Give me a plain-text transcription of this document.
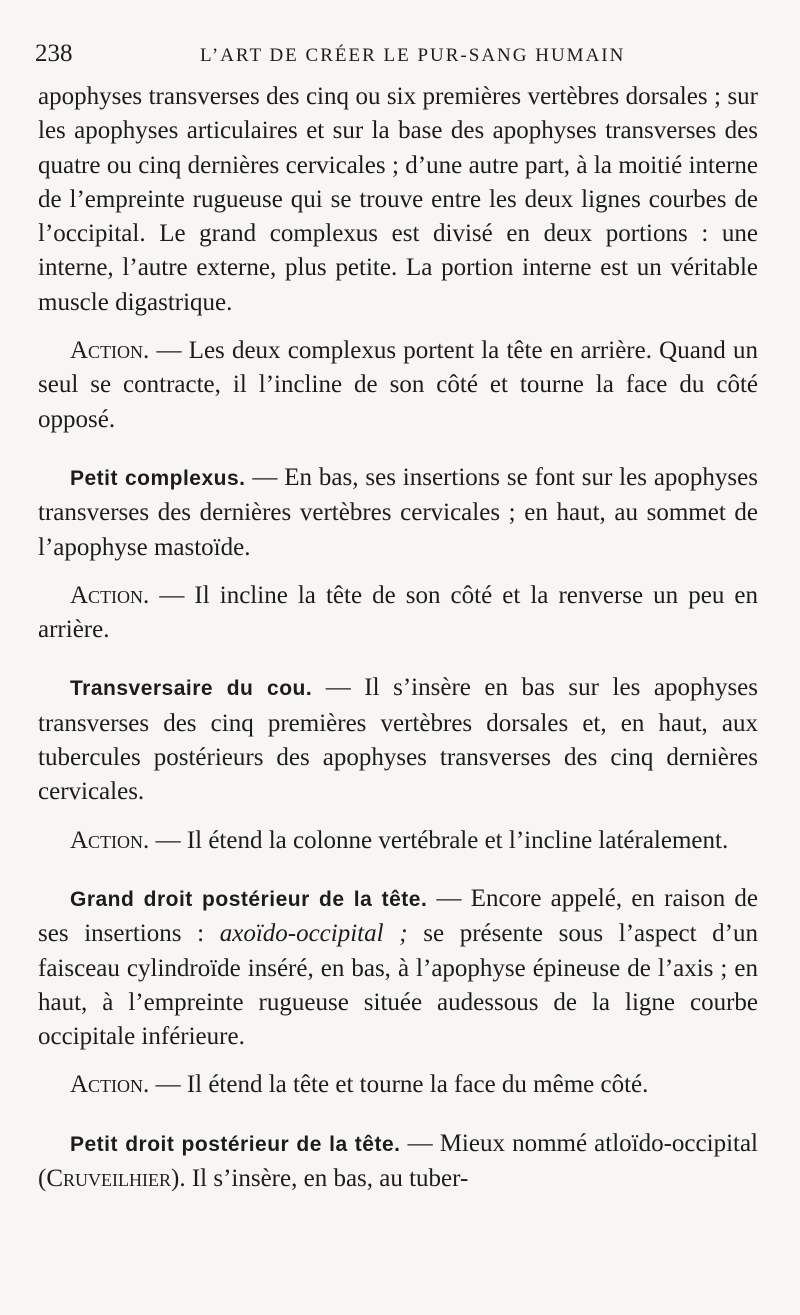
238	L’ART DE CRÉER LE PUR-SANG HUMAIN

apophyses transverses des cinq ou six premières vertèbres dorsales ; sur les apophyses articulaires et sur la base des apophyses transverses des quatre ou cinq dernières cervicales ; d’une autre part, à la moitié interne de l’empreinte rugueuse qui se trouve entre les deux lignes courbes de l’occipital. Le grand complexus est divisé en deux portions : une interne, l’autre externe, plus petite. La portion interne est un véritable muscle digastrique.

Action. — Les deux complexus portent la tête en arrière. Quand un seul se contracte, il l’incline de son côté et tourne la face du côté opposé.

Petit complexus. — En bas, ses insertions se font sur les apophyses transverses des dernières vertèbres cervicales ; en haut, au sommet de l’apophyse mastoïde.

Action. — Il incline la tête de son côté et la renverse un peu en arrière.

Transversaire du cou. — Il s’insère en bas sur les apophyses transverses des cinq premières vertèbres dorsales et, en haut, aux tubercules postérieurs des apophyses transverses des cinq dernières cervicales.

Action. — Il étend la colonne vertébrale et l’incline latéralement.

Grand droit postérieur de la tête. — Encore appelé, en raison de ses insertions : axoïdo-occipital ; se présente sous l’aspect d’un faisceau cylindroïde inséré, en bas, à l’apophyse épineuse de l’axis ; en haut, à l’empreinte rugueuse située audessous de la ligne courbe occipitale inférieure.

Action. — Il étend la tête et tourne la face du même côté.

Petit droit postérieur de la tête. — Mieux nommé atloïdo-occipital (Cruveilhier). Il s’insère, en bas, au tuber-
